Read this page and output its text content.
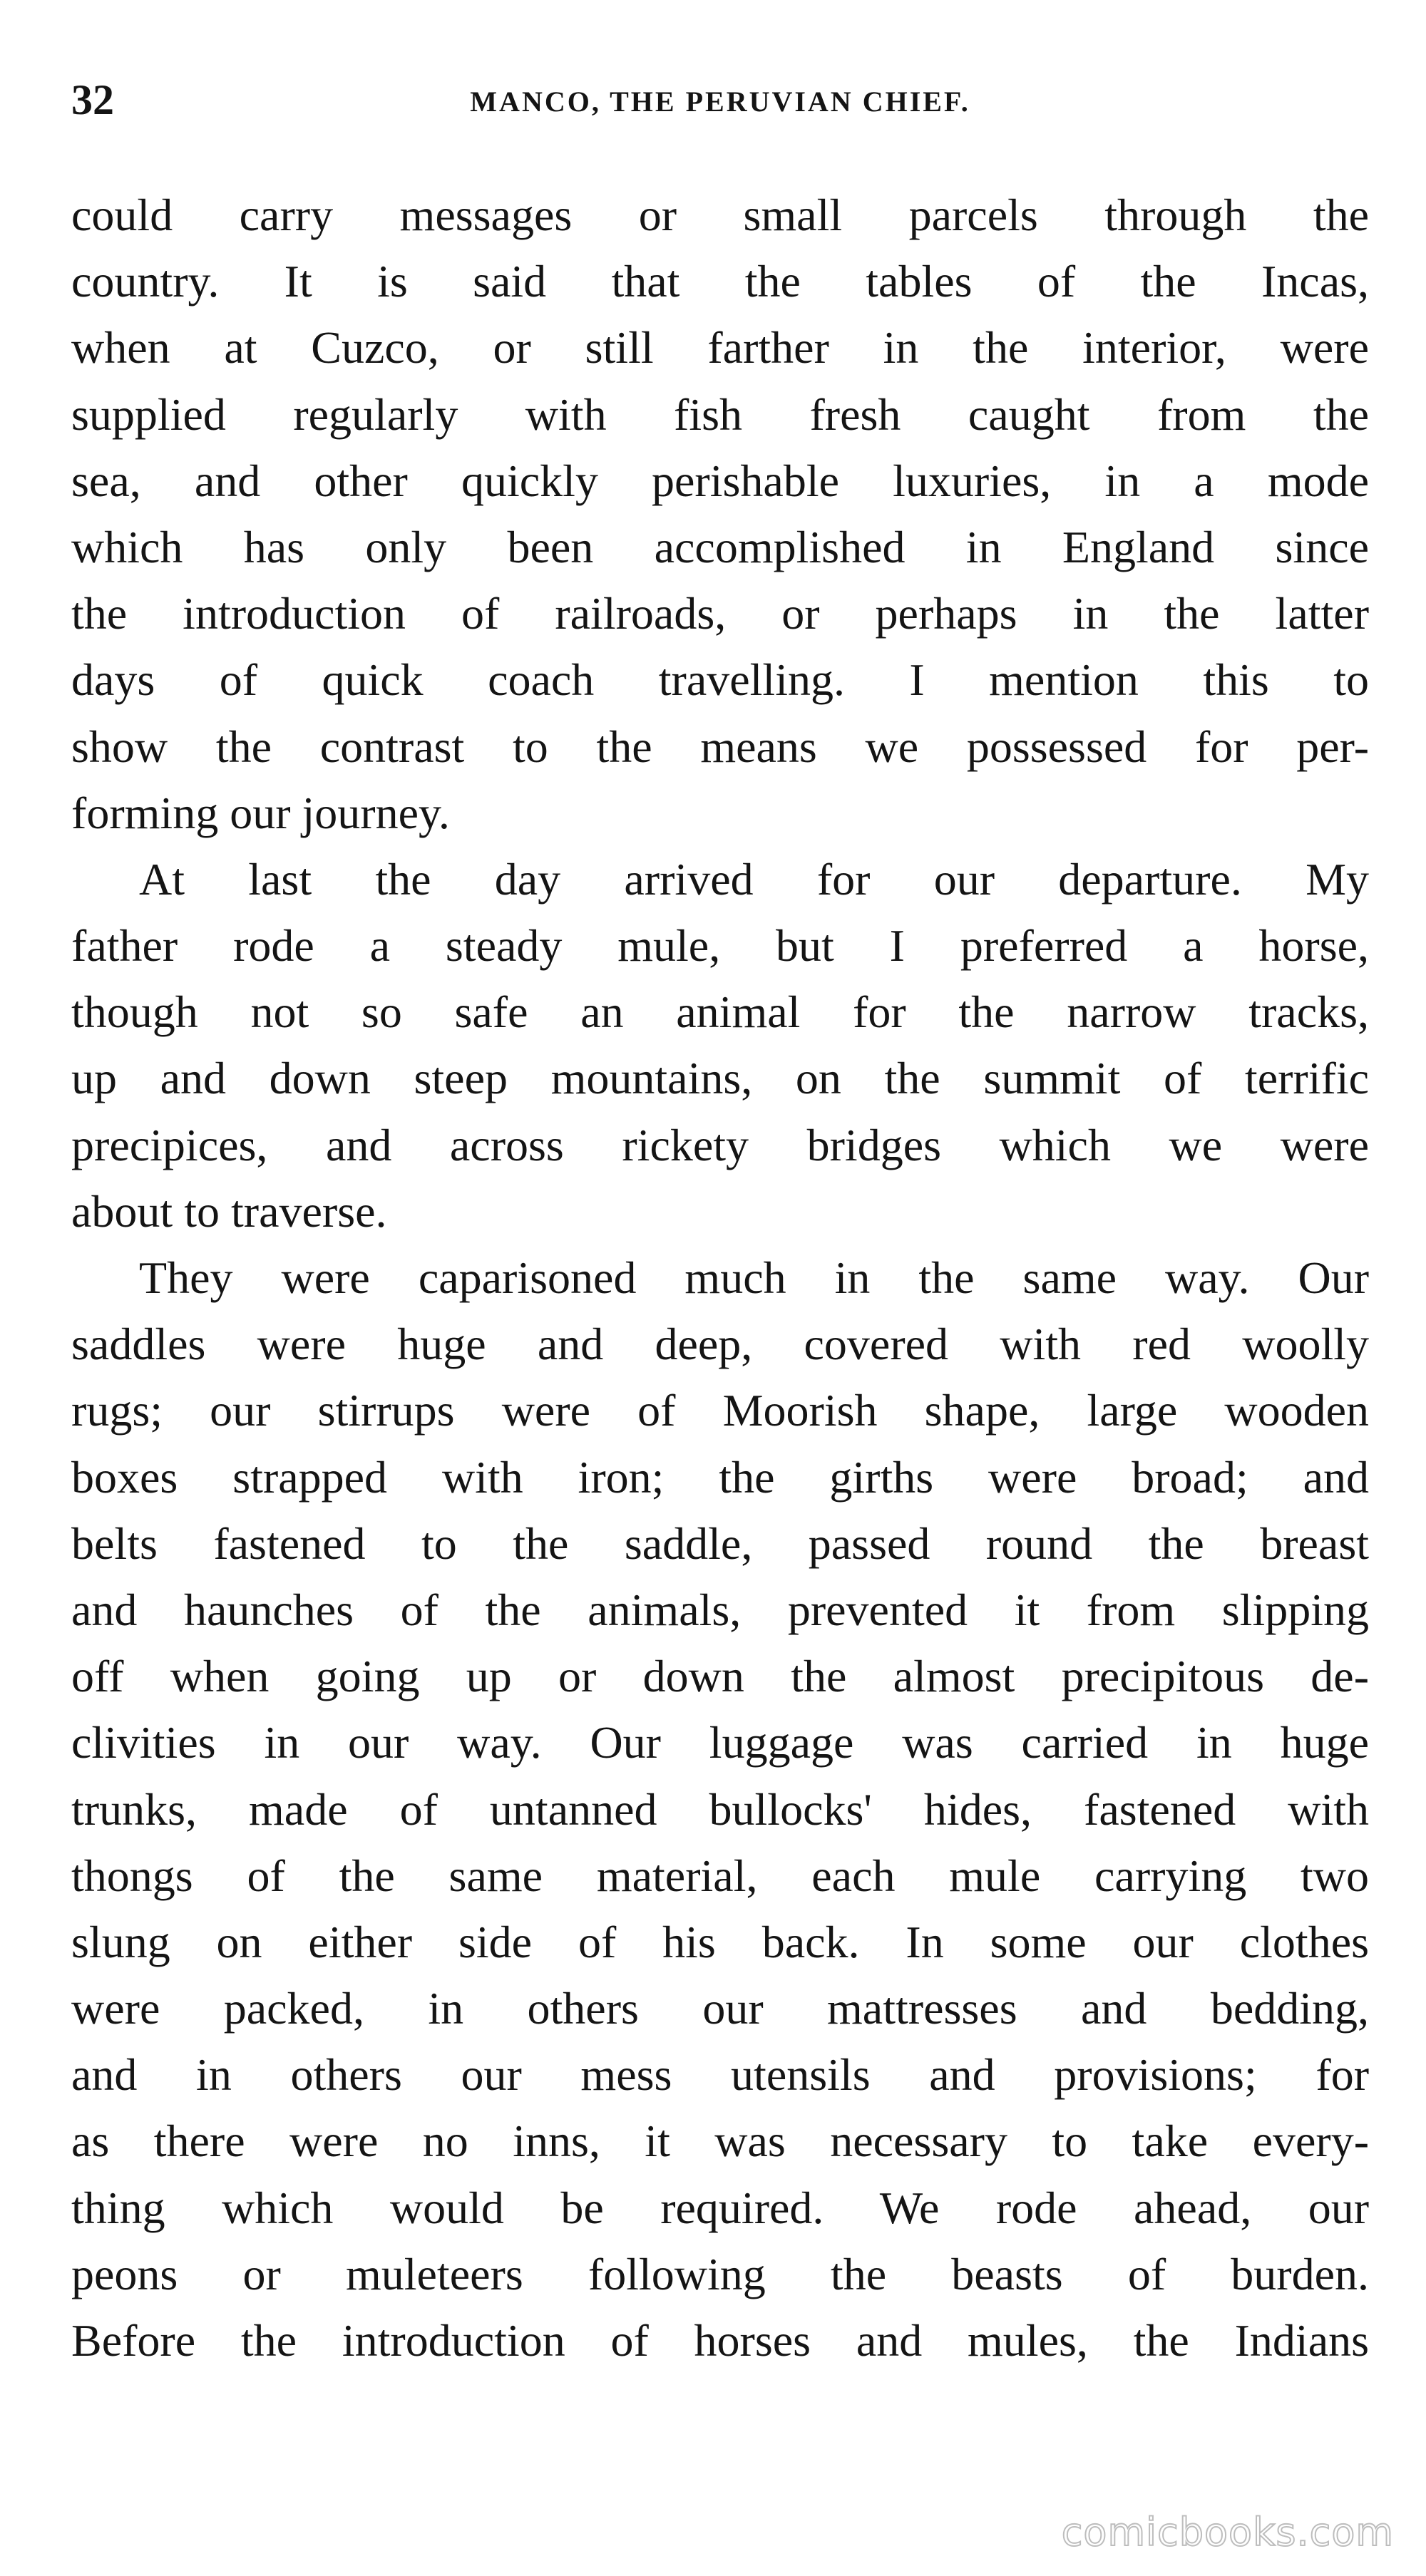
32	MANCO, THE PERUVIAN CHIEF.
could carry messages or small parcels through the
country. It is said that the tables of the Incas,
when at Cuzco, or still farther in the interior, were
supplied regularly with fish fresh caught from the
sea, and other quickly perishable luxuries, in a mode
which has only been accomplished in England since
the introduction of railroads, or perhaps in the latter
days of quick coach travelling. I mention this to
show the contrast to the means we possessed for per-
forming our journey.
At last the day arrived for our departure. My
father rode a steady mule, but I preferred a horse,
though not so safe an animal for the narrow tracks,
up and down steep mountains, on the summit of terrific
precipices, and across rickety bridges which we were
about to traverse.
They were caparisoned much in the same way. Our
saddles were huge and deep, covered with red woolly
rugs; our stirrups were of Moorish shape, large wooden
boxes strapped with iron; the girths were broad; and
belts fastened to the saddle, passed round the breast
and haunches of the animals, prevented it from slipping
off when going up or down the almost precipitous de-
clivities in our way. Our luggage was carried in huge
trunks, made of untanned bullocks' hides, fastened with
thongs of the same material, each mule carrying two
slung on either side of his back. In some our clothes
were packed, in others our mattresses and bedding,
and in others our mess utensils and provisions; for
as there were no inns, it was necessary to take every-
thing which would be required. We rode ahead, our
peons or muleteers following the beasts of burden.
Before the introduction of horses and mules, the Indians
comicbooks.com
